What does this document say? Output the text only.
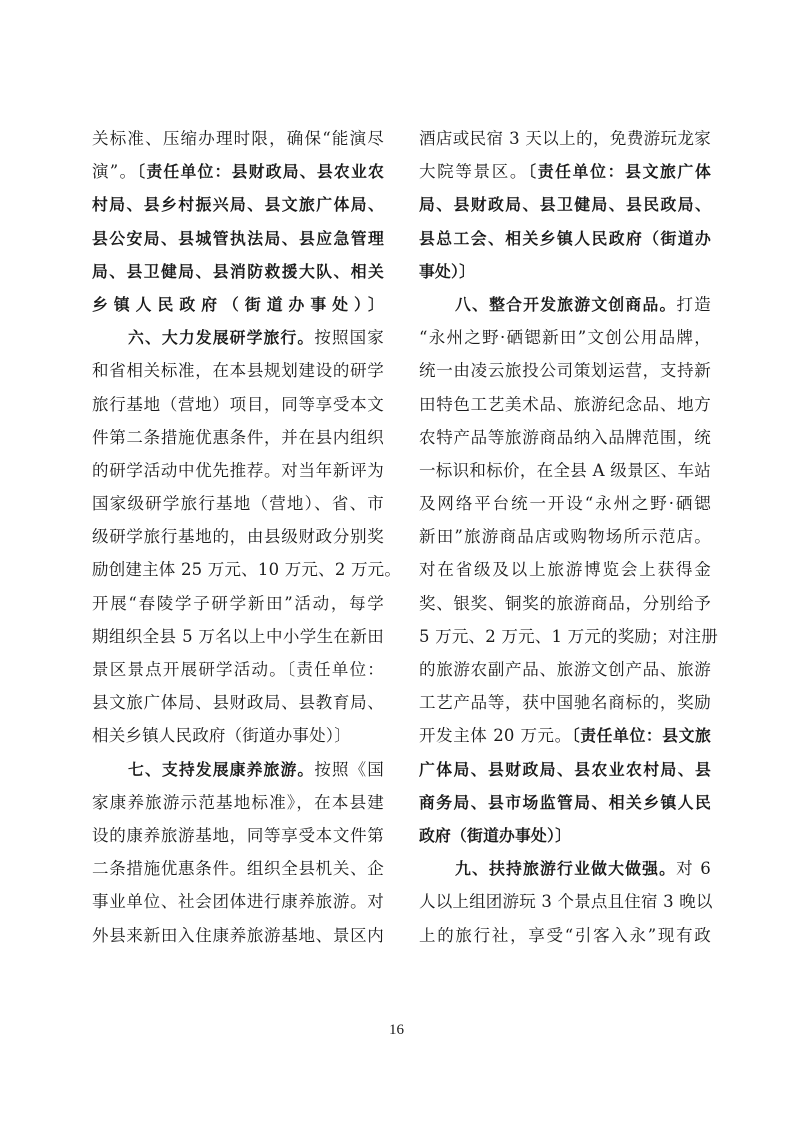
关标准、压缩办理时限，确保“能演尽
演”。〔责任单位：县财政局、县农业农
村局、县乡村振兴局、县文旅广体局、
县公安局、县城管执法局、县应急管理
局、县卫健局、县消防救援大队、相关
乡镇人民政府（街道办事处）〕
六、大力发展研学旅行。按照国家
和省相关标准，在本县规划建设的研学
旅行基地（营地）项目，同等享受本文
件第二条措施优惠条件，并在县内组织
的研学活动中优先推荐。对当年新评为
国家级研学旅行基地（营地）、省、市
级研学旅行基地的，由县级财政分别奖
励创建主体 25 万元、10 万元、2 万元。
开展“春陵学子研学新田”活动，每学
期组织全县 5 万名以上中小学生在新田
景区景点开展研学活动。〔责任单位：
县文旅广体局、县财政局、县教育局、
相关乡镇人民政府（街道办事处）〕
七、支持发展康养旅游。按照《国
家康养旅游示范基地标准》，在本县建
设的康养旅游基地，同等享受本文件第
二条措施优惠条件。组织全县机关、企
事业单位、社会团体进行康养旅游。对
外县来新田入住康养旅游基地、景区内
酒店或民宿 3 天以上的，免费游玩龙家
大院等景区。〔责任单位：县文旅广体
局、县财政局、县卫健局、县民政局、
县总工会、相关乡镇人民政府（街道办
事处）〕
八、整合开发旅游文创商品。打造
“永州之野·硒锶新田”文创公用品牌，
统一由凌云旅投公司策划运营，支持新
田特色工艺美术品、旅游纪念品、地方
农特产品等旅游商品纳入品牌范围，统
一标识和标价，在全县 A 级景区、车站
及网络平台统一开设“永州之野·硒锶
新田”旅游商品店或购物场所示范店。
对在省级及以上旅游博览会上获得金
奖、银奖、铜奖的旅游商品，分别给予
5 万元、2 万元、1 万元的奖励；对注册
的旅游农副产品、旅游文创产品、旅游
工艺产品等，获中国驰名商标的，奖励
开发主体 20 万元。〔责任单位：县文旅
广体局、县财政局、县农业农村局、县
商务局、县市场监管局、相关乡镇人民
政府（街道办事处）〕
九、扶持旅游行业做大做强。对 6
人以上组团游玩 3 个景点且住宿 3 晚以
上的旅行社，享受“引客入永”现有政
16
